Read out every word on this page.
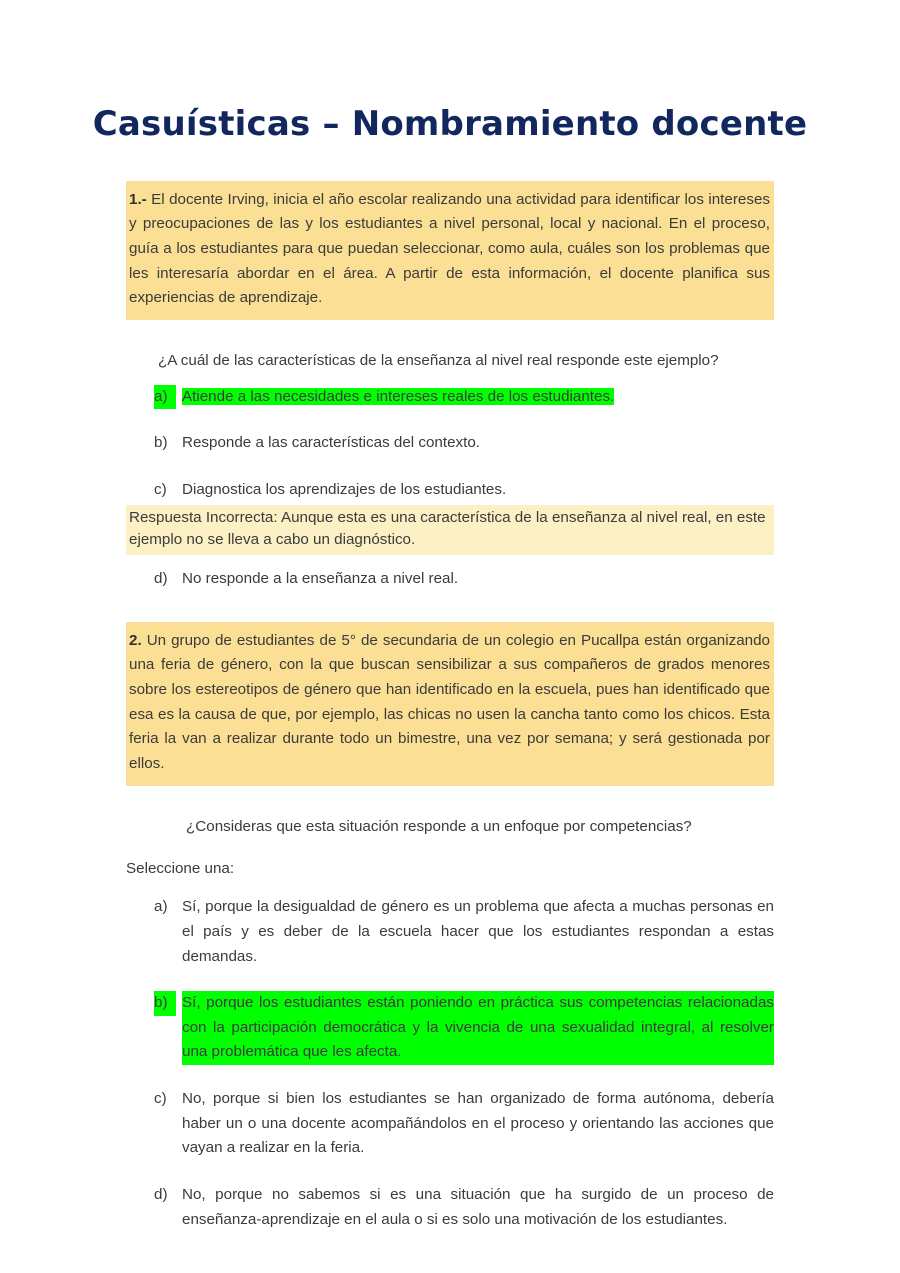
Casuísticas – Nombramiento docente
1.- El docente Irving, inicia el año escolar realizando una actividad para identificar los intereses y preocupaciones de las y los estudiantes a nivel personal, local y nacional. En el proceso, guía a los estudiantes para que puedan seleccionar, como aula, cuáles son los problemas que les interesaría abordar en el área. A partir de esta información, el docente planifica sus experiencias de aprendizaje.

¿A cuál de las características de la enseñanza al nivel real responde este ejemplo?

a) Atiende a las necesidades e intereses reales de los estudiantes.
b) Responde a las características del contexto.
c)	Diagnostica los aprendizajes de los estudiantes.
Respuesta Incorrecta: Aunque esta es una característica de la enseñanza al nivel real, en este ejemplo no se lleva a cabo un diagnóstico.
d) No responde a la enseñanza a nivel real.
2. Un grupo de estudiantes de 5° de secundaria de un colegio en Pucallpa están organizando una feria de género, con la que buscan sensibilizar a sus compañeros de grados menores sobre los estereotipos de género que han identificado en la escuela, pues han identificado que esa es la causa de que, por ejemplo, las chicas no usen la cancha tanto como los chicos. Esta feria la van a realizar durante todo un bimestre, una vez por semana; y será gestionada por ellos.

¿Consideras que esta situación responde a un enfoque por competencias?

Seleccione una:

a) Sí, porque la desigualdad de género es un problema que afecta a muchas personas en el país y es deber de la escuela hacer que los estudiantes respondan a estas demandas.
b) Sí, porque los estudiantes están poniendo en práctica sus competencias relacionadas con la participación democrática y la vivencia de una sexualidad integral, al resolver una problemática que les afecta.
c)	No, porque si bien los estudiantes se han organizado de forma autónoma, debería haber un o una docente acompañándolos en el proceso y orientando las acciones que vayan a realizar en la feria.
d) No, porque no sabemos si es una situación que ha surgido de un proceso de enseñanza-aprendizaje en el aula o si es solo una motivación de los estudiantes.
